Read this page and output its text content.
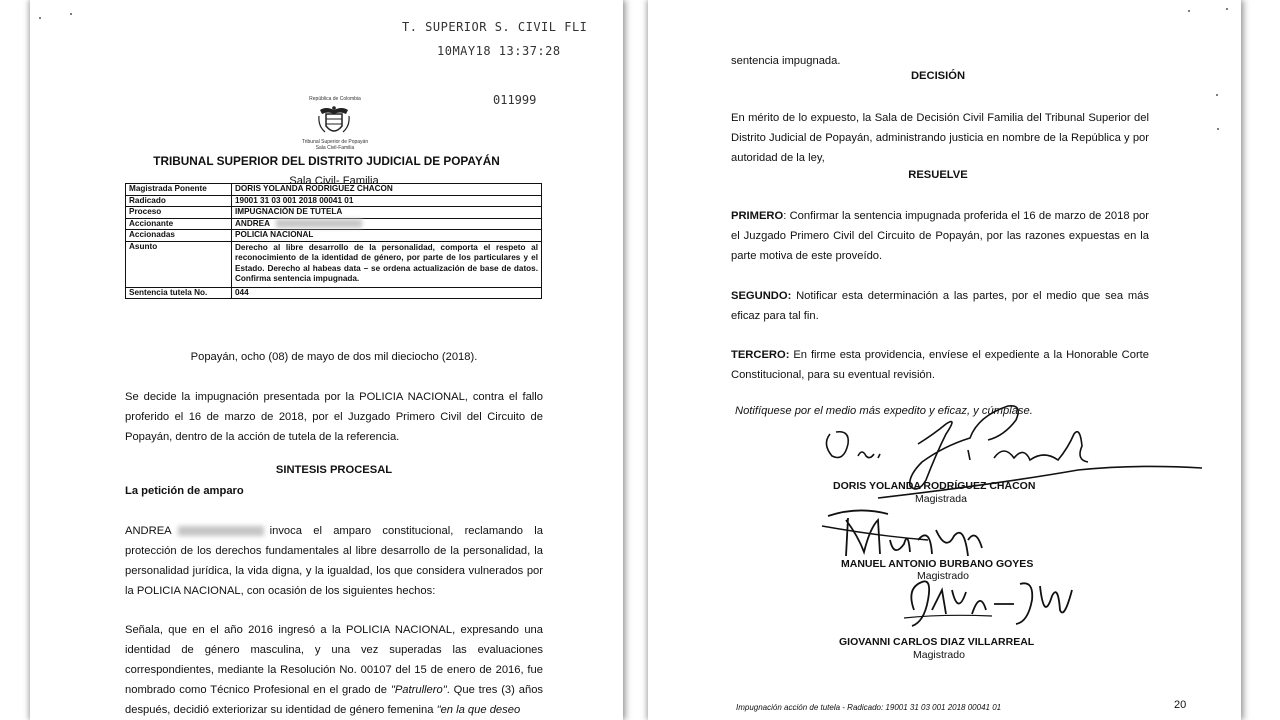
T. SUPERIOR S. CIVIL FLI
10MAY18 13:37:28
011999
República de Colombia
Tribunal Superior de Popayán
Sala Civil-Familia
TRIBUNAL SUPERIOR DEL DISTRITO JUDICIAL DE POPAYÁN
Sala Civil- Familia
Magistrada Ponente	DORIS YOLANDA RODRIGUEZ CHACON
Radicado	19001 31 03 001 2018 00041 01
Proceso	IMPUGNACIÓN DE TUTELA
Accionante	ANDREA
Accionadas	POLICIA NACIONAL
Asunto	Derecho al libre desarrollo de la personalidad, comporta el respeto al reconocimiento de la identidad de género, por parte de los particulares y el Estado. Derecho al habeas data – se ordena actualización de base de datos. Confirma sentencia impugnada.
Sentencia tutela No.	044
Popayán, ocho (08) de mayo de dos mil dieciocho (2018).
Se decide la impugnación presentada por la POLICIA NACIONAL, contra el fallo proferido el 16 de marzo de 2018, por el Juzgado Primero Civil del Circuito de Popayán, dentro de la acción de tutela de la referencia.
SINTESIS PROCESAL
La petición de amparo
ANDREA	invoca el amparo constitucional, reclamando la protección de los derechos fundamentales al libre desarrollo de la personalidad, la personalidad jurídica, la vida digna, y la igualdad, los que considera vulnerados por la POLICIA NACIONAL, con ocasión de los siguientes hechos:
Señala, que en el año 2016 ingresó a la POLICIA NACIONAL, expresando una identidad de género masculina, y una vez superadas las evaluaciones correspondientes, mediante la Resolución No. 00107 del 15 de enero de 2016, fue nombrado como Técnico Profesional en el grado de "Patrullero". Que tres (3) años después, decidió exteriorizar su identidad de género femenina "en la que deseo
sentencia impugnada.
DECISIÓN
En mérito de lo expuesto, la Sala de Decisión Civil Familia del Tribunal Superior del Distrito Judicial de Popayán, administrando justicia en nombre de la República y por autoridad de la ley,
RESUELVE
PRIMERO: Confirmar la sentencia impugnada proferida el 16 de marzo de 2018 por el Juzgado Primero Civil del Circuito de Popayán, por las razones expuestas en la parte motiva de este proveído.
SEGUNDO: Notificar esta determinación a las partes, por el medio que sea más eficaz para tal fin.
TERCERO: En firme esta providencia, envíese el expediente a la Honorable Corte Constitucional, para su eventual revisión.
Notifíquese por el medio más expedito y eficaz, y cúmplase.
DORIS YOLANDA RODRÍGUEZ CHACON
Magistrada
MANUEL ANTONIO BURBANO GOYES
Magistrado
GIOVANNI CARLOS DIAZ VILLARREAL
Magistrado
Impugnación acción de tutela - Radicado: 19001 31 03 001 2018 00041 01	20
